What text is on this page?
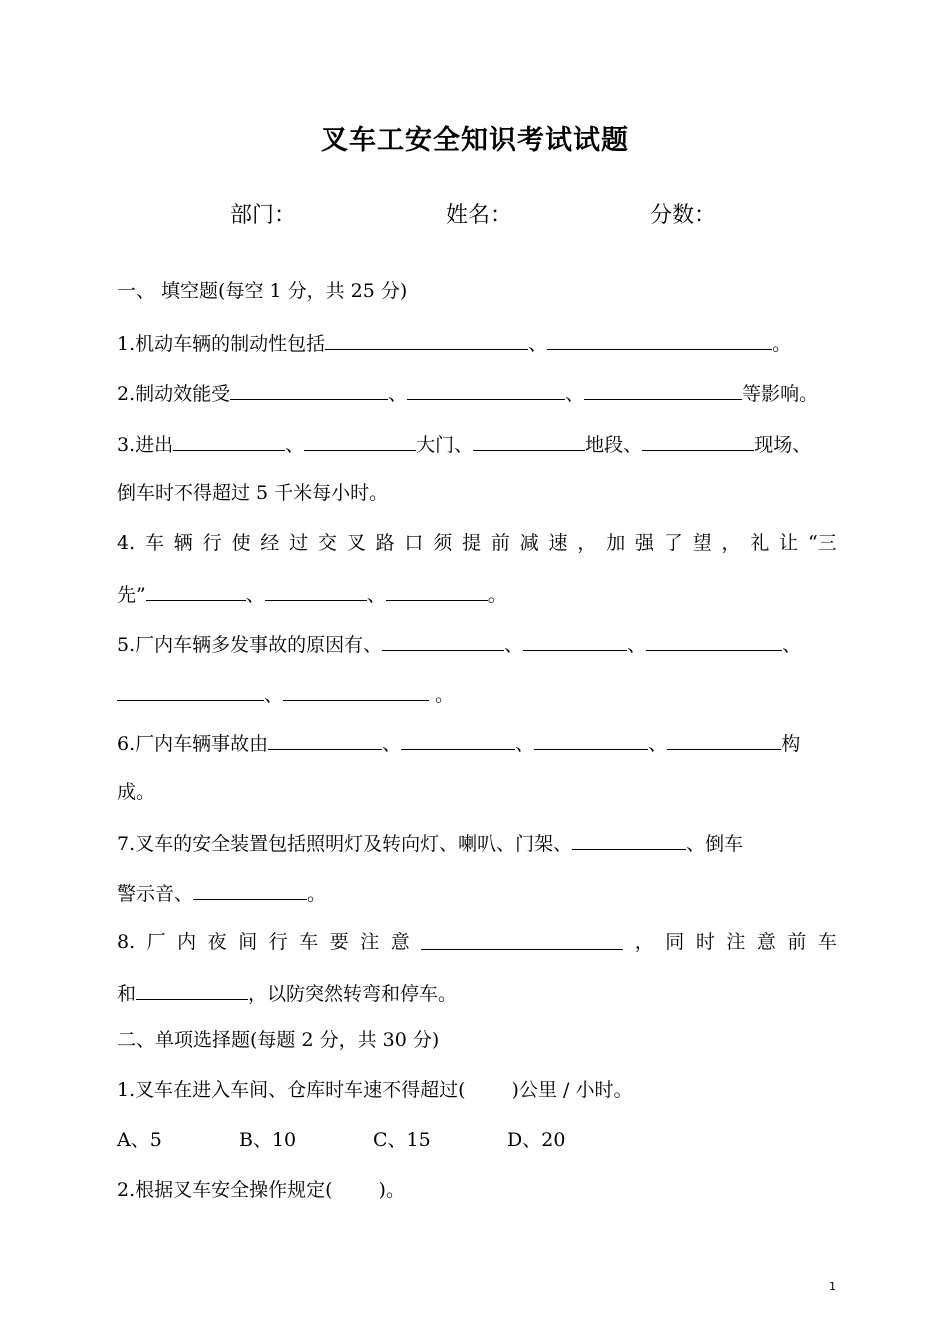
叉车工安全知识考试试题
部门：	姓名：	分数：
一、 填空题(每空 1 分，共 25 分)
1.机动车辆的制动性包括	、	。
2.制动效能受	、	、	等影响。
3.进出	、	大门、	地段、	现场、
倒车时不得超过 5 千米每小时。
4. 车 辆 行 使 经 过 交 叉 路 口 须 提 前 减 速 ， 加 强 了 望 ， 礼 让 “三
先”	、	、	。
5.厂内车辆多发事故的原因有、	、	、	、
、	。
6.厂内车辆事故由	、	、	、	构
成。
7.叉车的安全装置包括照明灯及转向灯、喇叭、门架、	、倒车
警示音、	。
8. 厂 内 夜 间 行 车 要 注 意	， 同 时 注 意 前 车
和	，以防突然转弯和停车。
二、单项选择题(每题 2 分，共 30 分)
1.叉车在进入车间、仓库时车速不得超过( )公里 / 小时。
A、5	B、10	C、15	D、20
2.根据叉车安全操作规定( )。
1
